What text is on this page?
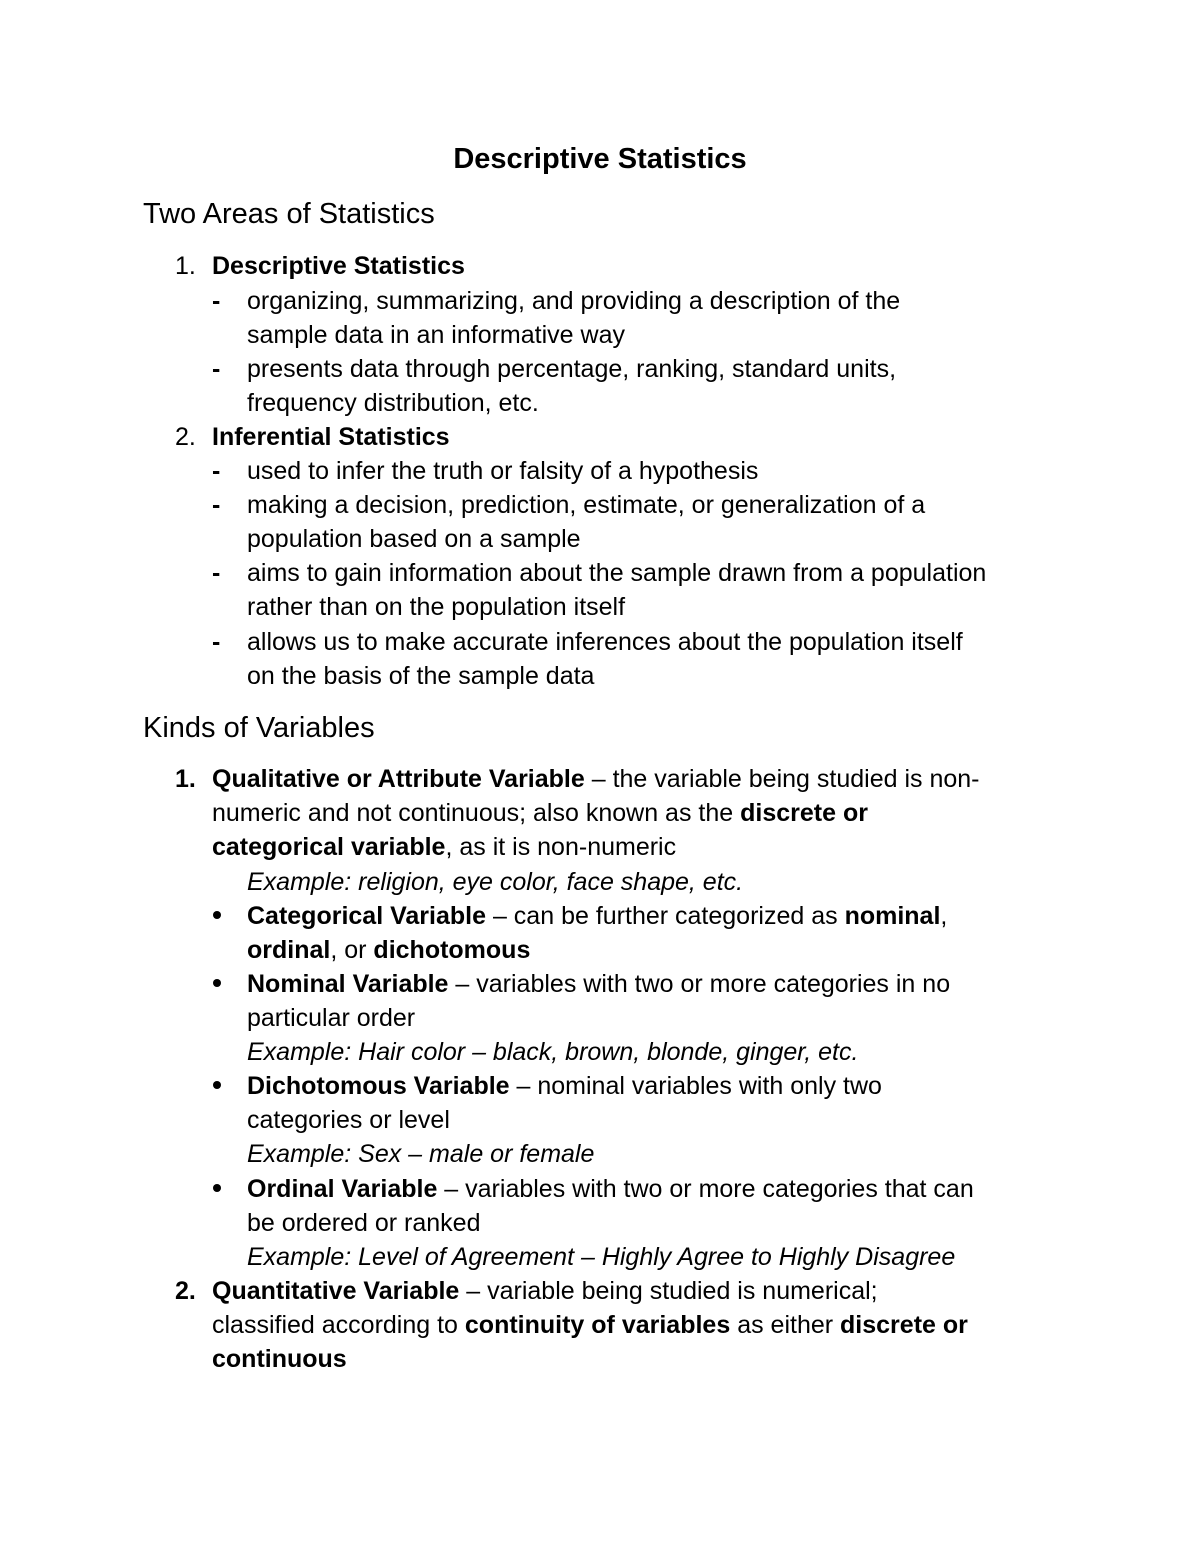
Descriptive Statistics
Two Areas of Statistics
1. Descriptive Statistics
- organizing, summarizing, and providing a description of the
sample data in an informative way
- presents data through percentage, ranking, standard units,
frequency distribution, etc.
2. Inferential Statistics
- used to infer the truth or falsity of a hypothesis
- making a decision, prediction, estimate, or generalization of a
population based on a sample
- aims to gain information about the sample drawn from a population
rather than on the population itself
- allows us to make accurate inferences about the population itself
on the basis of the sample data
Kinds of Variables
1. Qualitative or Attribute Variable – the variable being studied is non-
numeric and not continuous; also known as the discrete or
categorical variable, as it is non-numeric
Example: religion, eye color, face shape, etc.
Categorical Variable – can be further categorized as nominal,
ordinal, or dichotomous
Nominal Variable – variables with two or more categories in no
particular order
Example: Hair color – black, brown, blonde, ginger, etc.
Dichotomous Variable – nominal variables with only two
categories or level
Example: Sex – male or female
Ordinal Variable – variables with two or more categories that can
be ordered or ranked
Example: Level of Agreement – Highly Agree to Highly Disagree
2. Quantitative Variable – variable being studied is numerical;
classified according to continuity of variables as either discrete or
continuous
